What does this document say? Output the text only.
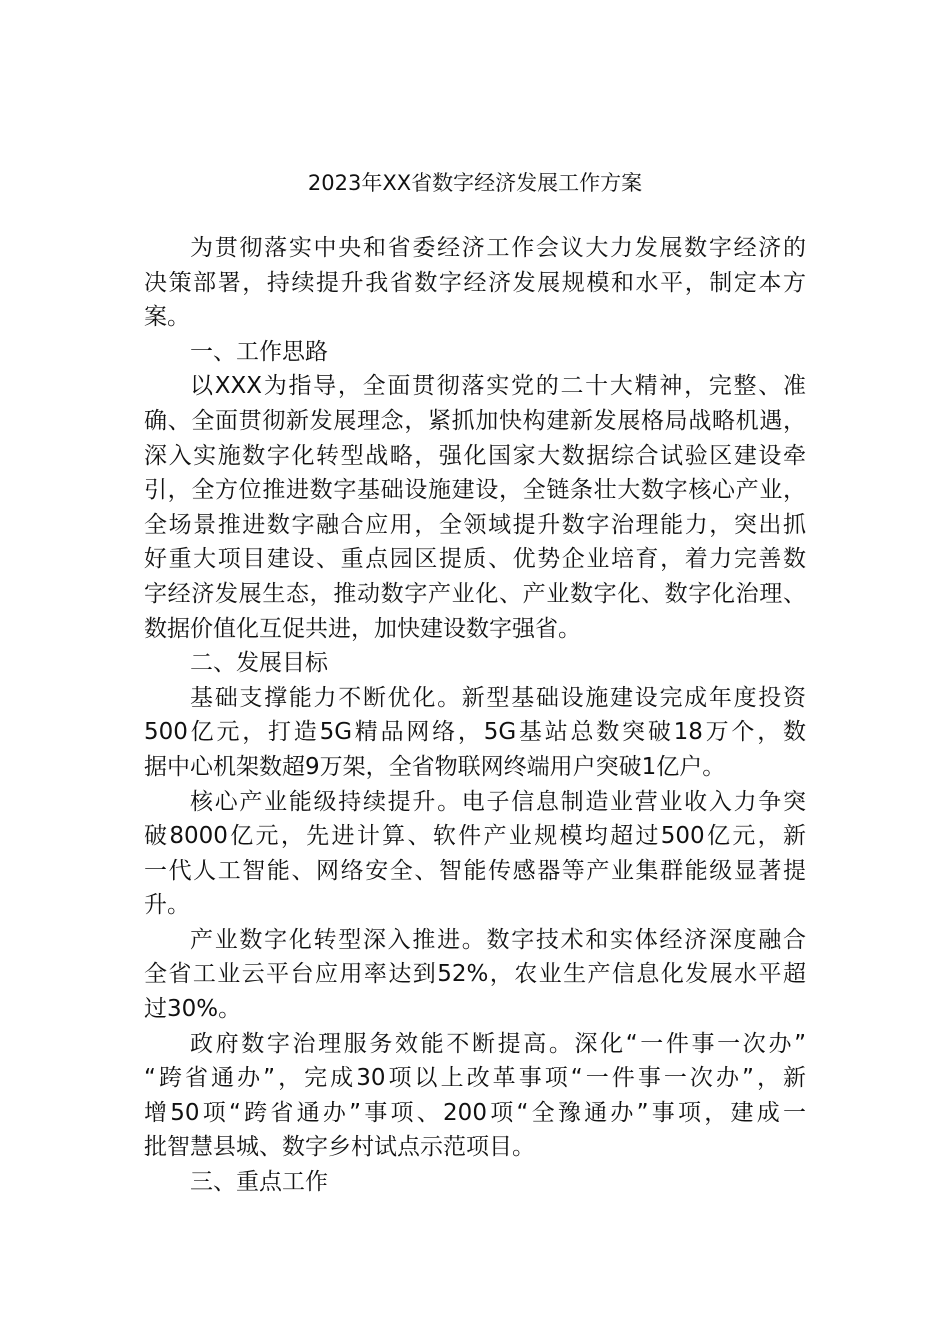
2023年XX省数字经济发展工作方案
为贯彻落实中央和省委经济工作会议大力发展数字经济的
决策部署，持续提升我省数字经济发展规模和水平，制定本方
案。
一、工作思路
以XXX为指导，全面贯彻落实党的二十大精神，完整、准
确、全面贯彻新发展理念，紧抓加快构建新发展格局战略机遇，
深入实施数字化转型战略，强化国家大数据综合试验区建设牵
引，全方位推进数字基础设施建设，全链条壮大数字核心产业，
全场景推进数字融合应用，全领域提升数字治理能力，突出抓
好重大项目建设、重点园区提质、优势企业培育，着力完善数
字经济发展生态，推动数字产业化、产业数字化、数字化治理、
数据价值化互促共进，加快建设数字强省。
二、发展目标
基础支撑能力不断优化。新型基础设施建设完成年度投资
500亿元，打造5G精品网络，5G基站总数突破18万个，数
据中心机架数超9万架，全省物联网终端用户突破1亿户。
核心产业能级持续提升。电子信息制造业营业收入力争突
破8000亿元，先进计算、软件产业规模均超过500亿元，新
一代人工智能、网络安全、智能传感器等产业集群能级显著提
升。
产业数字化转型深入推进。数字技术和实体经济深度融合
全省工业云平台应用率达到52%，农业生产信息化发展水平超
过30%。
政府数字治理服务效能不断提高。深化“一件事一次办”
“跨省通办”，完成30项以上改革事项“一件事一次办”，新
增50项“跨省通办”事项、200项“全豫通办”事项，建成一
批智慧县城、数字乡村试点示范项目。
三、重点工作
